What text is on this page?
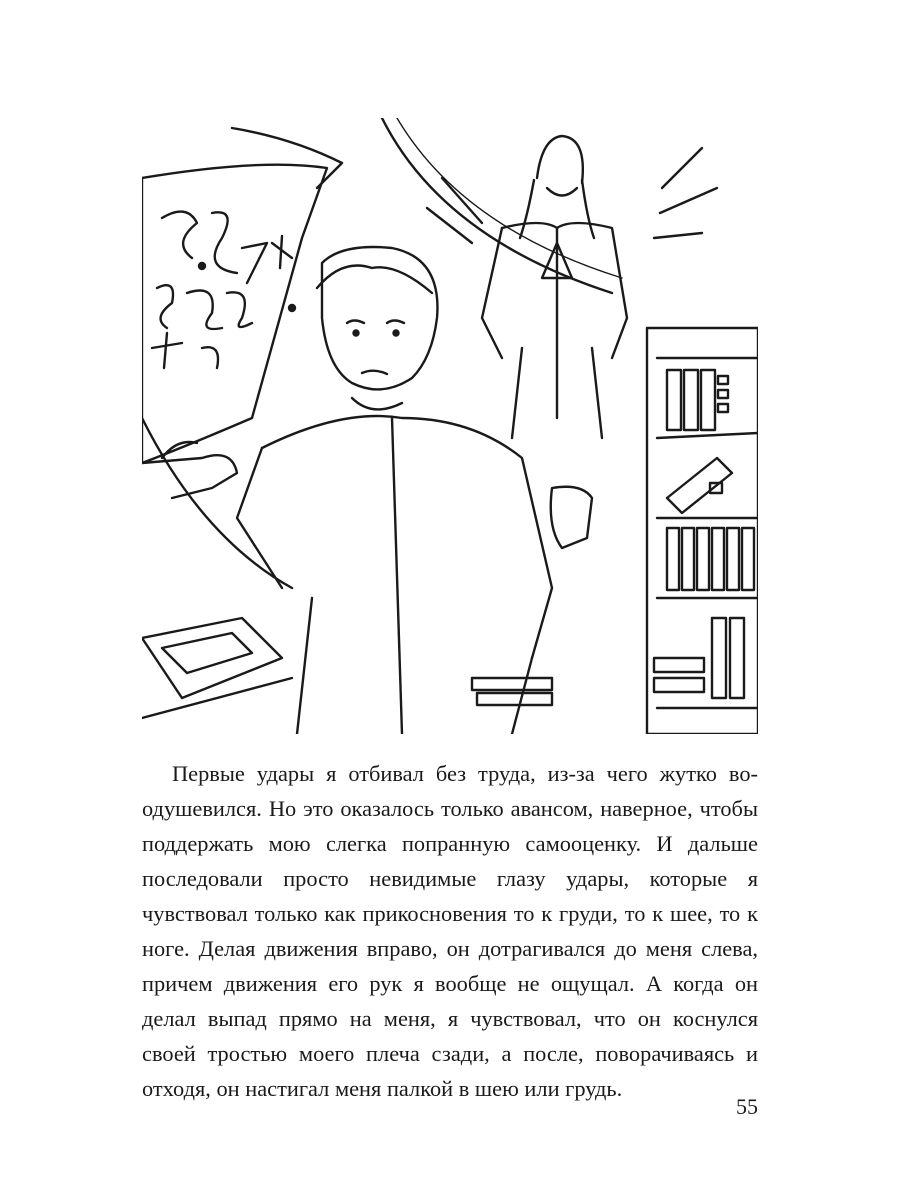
Первые удары я отбивал без труда, из-за чего жутко воодушевился. Но это оказалось только авансом, наверное, чтобы поддержать мою слегка попранную самооценку. И дальше последовали просто невидимые глазу удары, которые я чувствовал только как прикосновения то к груди, то к шее, то к ноге. Делая движения вправо, он дотрагивался до меня слева, причем движения его рук я вообще не ощущал. А когда он делал выпад прямо на меня, я чувствовал, что он коснулся своей тростью моего плеча сзади, а после, поворачиваясь и отходя, он настигал меня палкой в шею или грудь.

55
